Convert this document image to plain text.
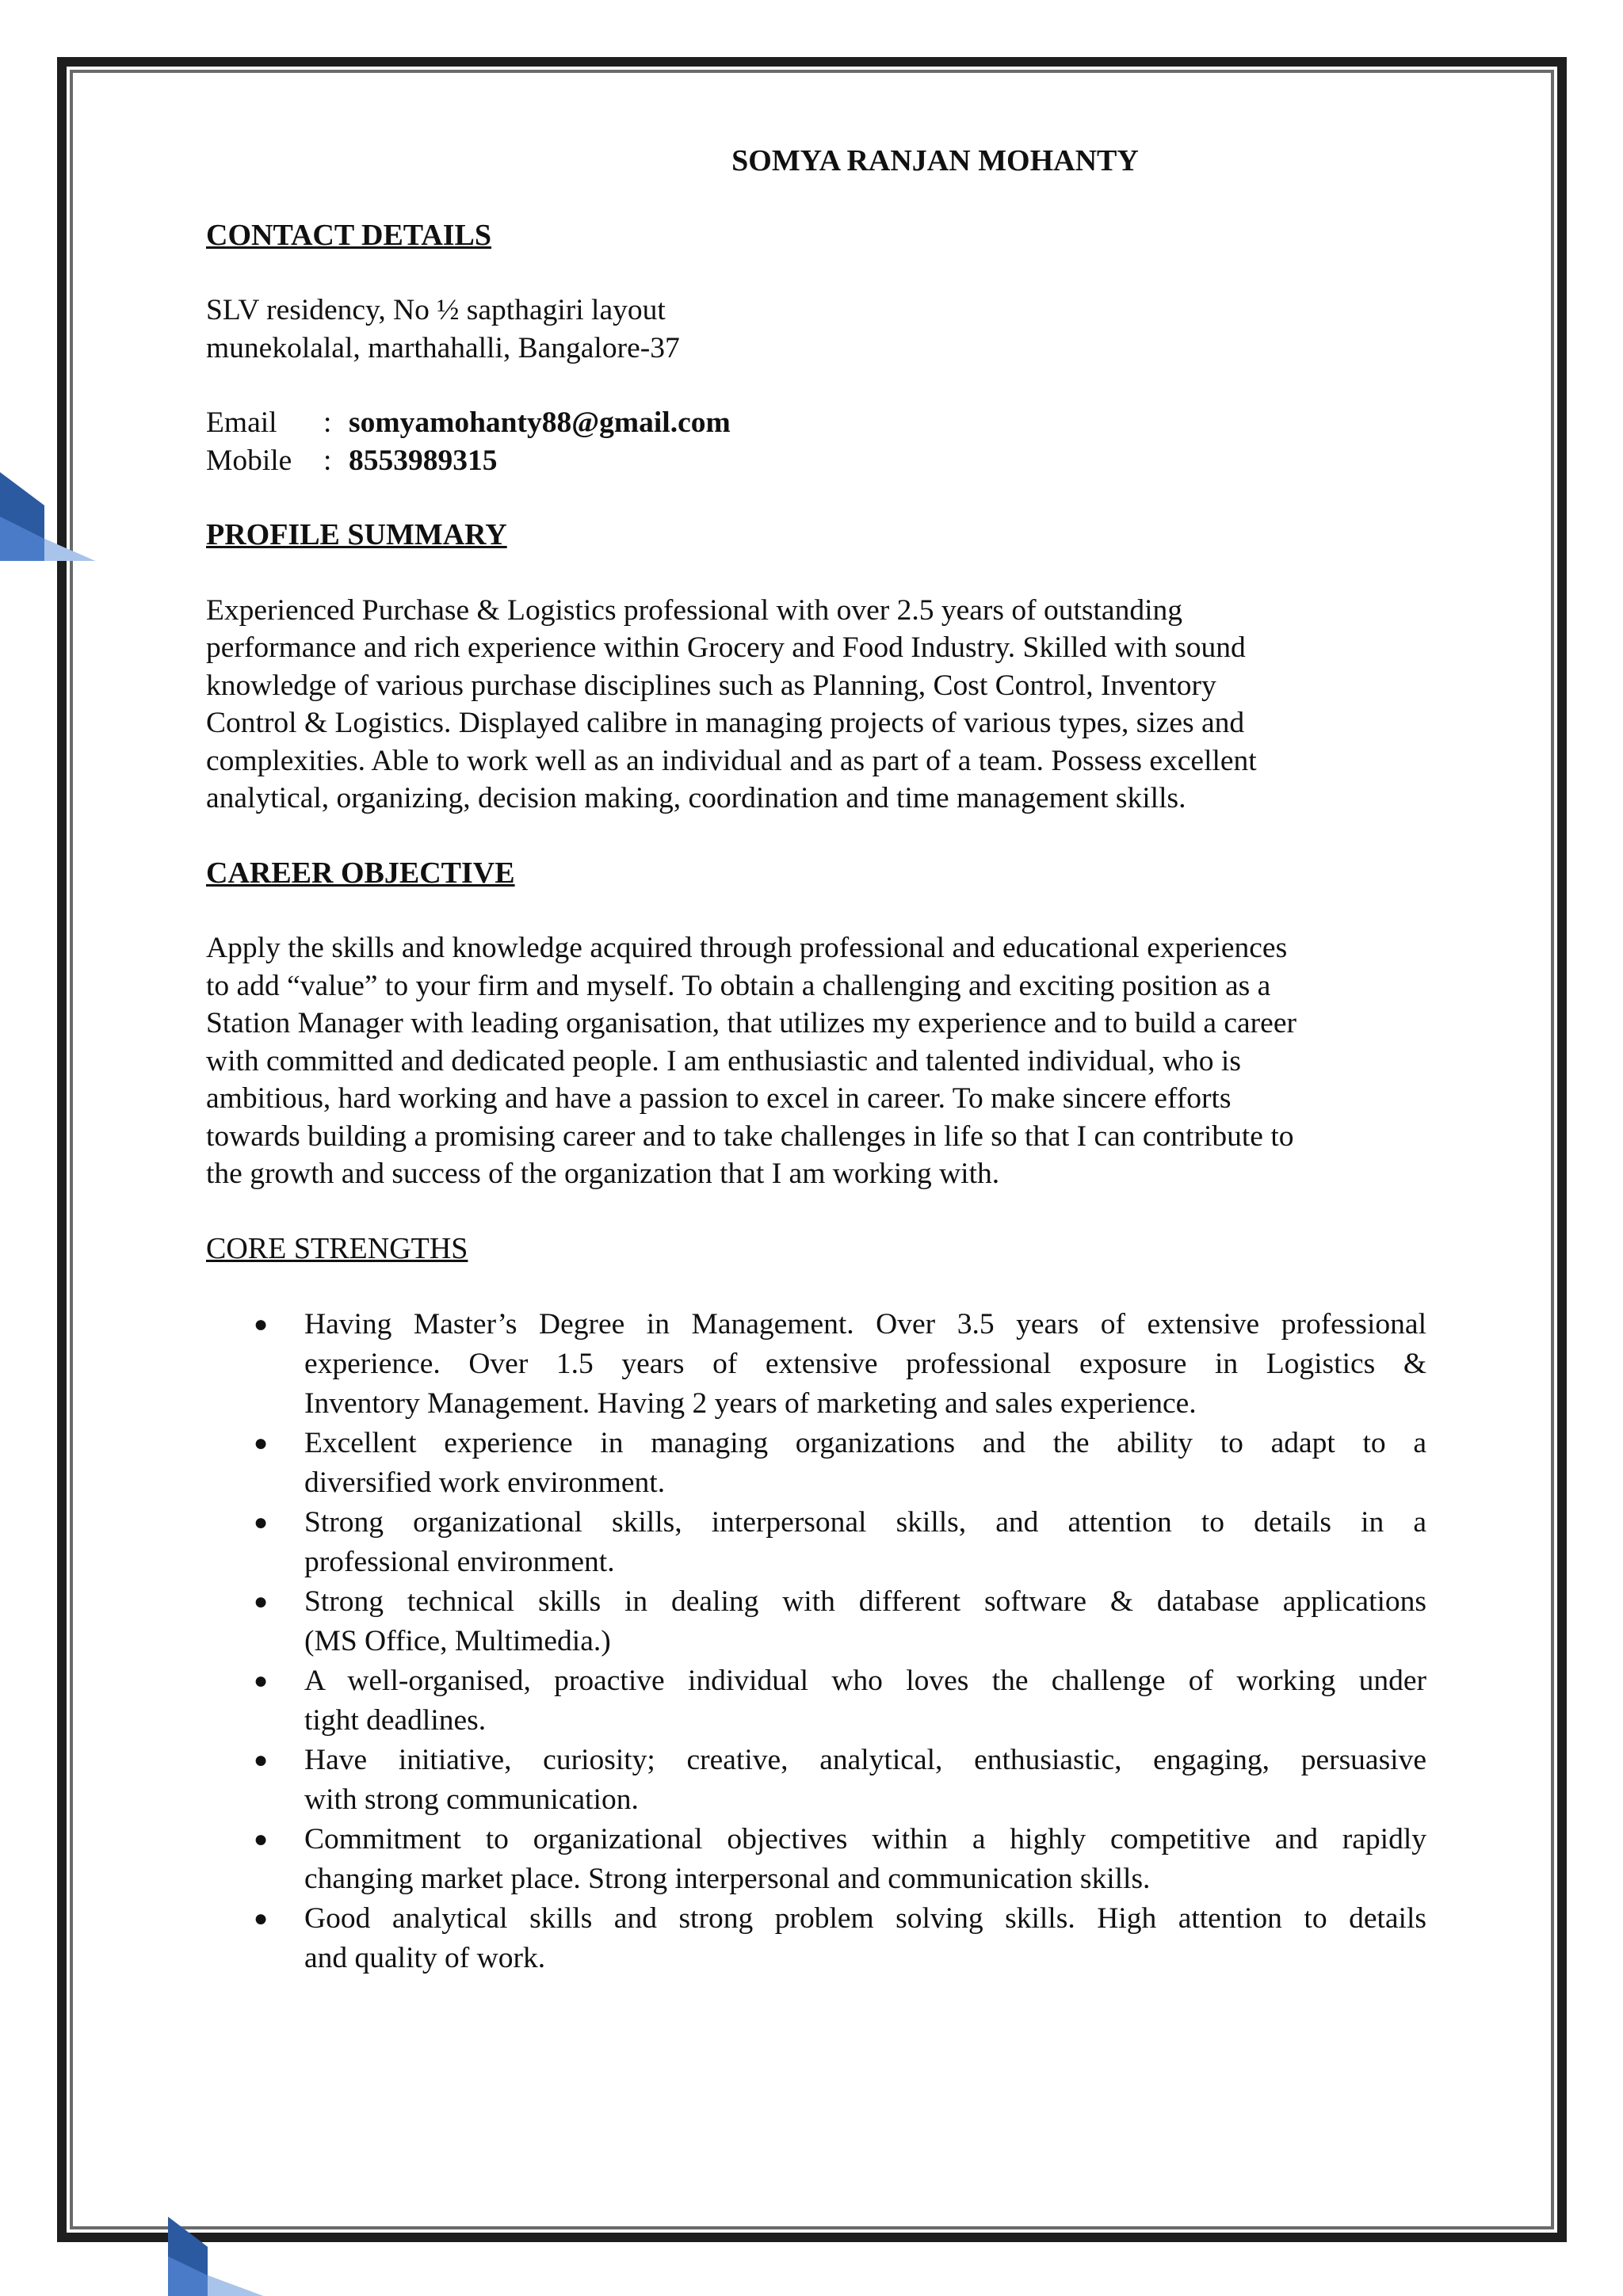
SOMYA RANJAN MOHANTY
CONTACT DETAILS
SLV residency, No ½ sapthagiri layout
munekolalal, marthahalli, Bangalore-37
Email : somyamohanty88@gmail.com
Mobile : 8553989315
PROFILE SUMMARY
Experienced Purchase & Logistics professional with over 2.5 years of outstanding
performance and rich experience within Grocery and Food Industry. Skilled with sound
knowledge of various purchase disciplines such as Planning, Cost Control, Inventory
Control & Logistics. Displayed calibre in managing projects of various types, sizes and
complexities. Able to work well as an individual and as part of a team. Possess excellent
analytical, organizing, decision making, coordination and time management skills.
CAREER OBJECTIVE
Apply the skills and knowledge acquired through professional and educational experiences
to add “value” to your firm and myself. To obtain a challenging and exciting position as a
Station Manager with leading organisation, that utilizes my experience and to build a career
with committed and dedicated people. I am enthusiastic and talented individual, who is
ambitious, hard working and have a passion to excel in career. To make sincere efforts
towards building a promising career and to take challenges in life so that I can contribute to
the growth and success of the organization that I am working with.
CORE STRENGTHS
● Having Master’s Degree in Management. Over 3.5 years of extensive professional
experience. Over 1.5 years of extensive professional exposure in Logistics &
Inventory Management. Having 2 years of marketing and sales experience.
● Excellent experience in managing organizations and the ability to adapt to a
diversified work environment.
● Strong organizational skills, interpersonal skills, and attention to details in a
professional environment.
● Strong technical skills in dealing with different software & database applications
(MS Office, Multimedia.)
● A well-organised, proactive individual who loves the challenge of working under
tight deadlines.
● Have initiative, curiosity; creative, analytical, enthusiastic, engaging, persuasive
with strong communication.
● Commitment to organizational objectives within a highly competitive and rapidly
changing market place. Strong interpersonal and communication skills.
● Good analytical skills and strong problem solving skills. High attention to details
and quality of work.
